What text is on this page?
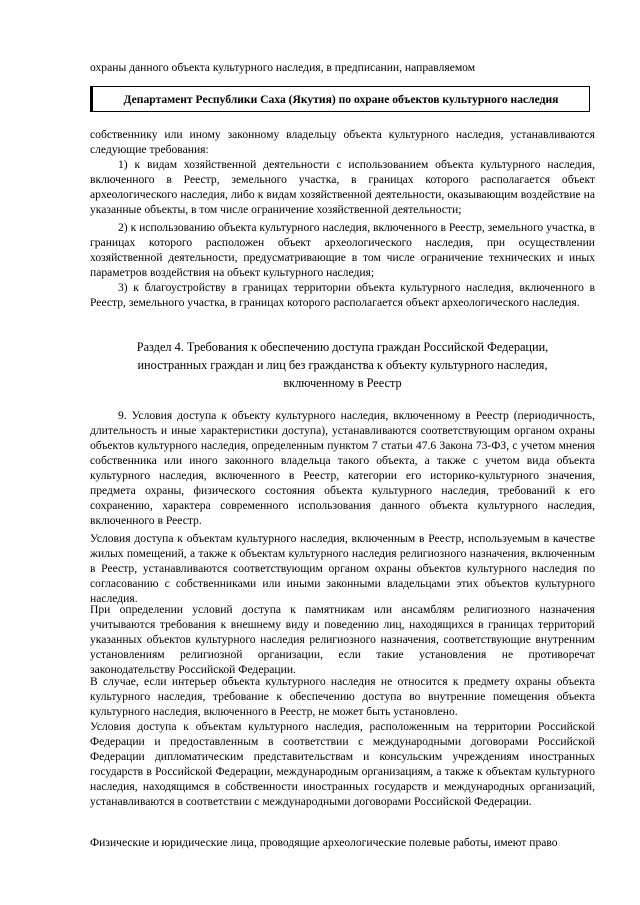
охраны данного объекта культурного наследия, в предписании, направляемом

Департамент Республики Саха (Якутия) по охране объектов культурного наследия

собственнику или иному законному владельцу объекта культурного наследия, устанавливаются следующие требования:

1) к видам хозяйственной деятельности с использованием объекта культурного наследия, включенного в Реестр, земельного участка, в границах которого располагается объект археологического наследия, либо к видам хозяйственной деятельности, оказывающим воздействие на указанные объекты, в том числе ограничение хозяйственной деятельности;

2) к использованию объекта культурного наследия, включенного в Реестр, земельного участка, в границах которого расположен объект археологического наследия, при осуществлении хозяйственной деятельности, предусматривающие в том числе ограничение технических и иных параметров воздействия на объект культурного наследия;

3) к благоустройству в границах территории объекта культурного наследия, включенного в Реестр, земельного участка, в границах которого располагается объект археологического наследия.

Раздел 4. Требования к обеспечению доступа граждан Российской Федерации,
иностранных граждан и лиц без гражданства к объекту культурного наследия,
включенному в Реестр

9. Условия доступа к объекту культурного наследия, включенному в Реестр (периодичность, длительность и иные характеристики доступа), устанавливаются соответствующим органом охраны объектов культурного наследия, определенным пунктом 7 статьи 47.6 Закона 73-ФЗ, с учетом мнения собственника или иного законного владельца такого объекта, а также с учетом вида объекта культурного наследия, включенного в Реестр, категории его историко-культурного значения, предмета охраны, физического состояния объекта культурного наследия, требований к его сохранению, характера современного использования данного объекта культурного наследия, включенного в Реестр.

Условия доступа к объектам культурного наследия, включенным в Реестр, используемым в качестве жилых помещений, а также к объектам культурного наследия религиозного назначения, включенным в Реестр, устанавливаются соответствующим органом охраны объектов культурного наследия по согласованию с собственниками или иными законными владельцами этих объектов культурного наследия.

При определении условий доступа к памятникам или ансамблям религиозного назначения учитываются требования к внешнему виду и поведению лиц, находящихся в границах территорий указанных объектов культурного наследия религиозного назначения, соответствующие внутренним установлениям религиозной организации, если такие установления не противоречат законодательству Российской Федерации.

В случае, если интерьер объекта культурного наследия не относится к предмету охраны объекта культурного наследия, требование к обеспечению доступа во внутренние помещения объекта культурного наследия, включенного в Реестр, не может быть установлено.

Условия доступа к объектам культурного наследия, расположенным на территории Российской Федерации и предоставленным в соответствии с международными договорами Российской Федерации дипломатическим представительствам и консульским учреждениям иностранных государств в Российской Федерации, международным организациям, а также к объектам культурного наследия, находящимся в собственности иностранных государств и международных организаций, устанавливаются в соответствии с международными договорами Российской Федерации.

Физические и юридические лица, проводящие археологические полевые работы, имеют право
